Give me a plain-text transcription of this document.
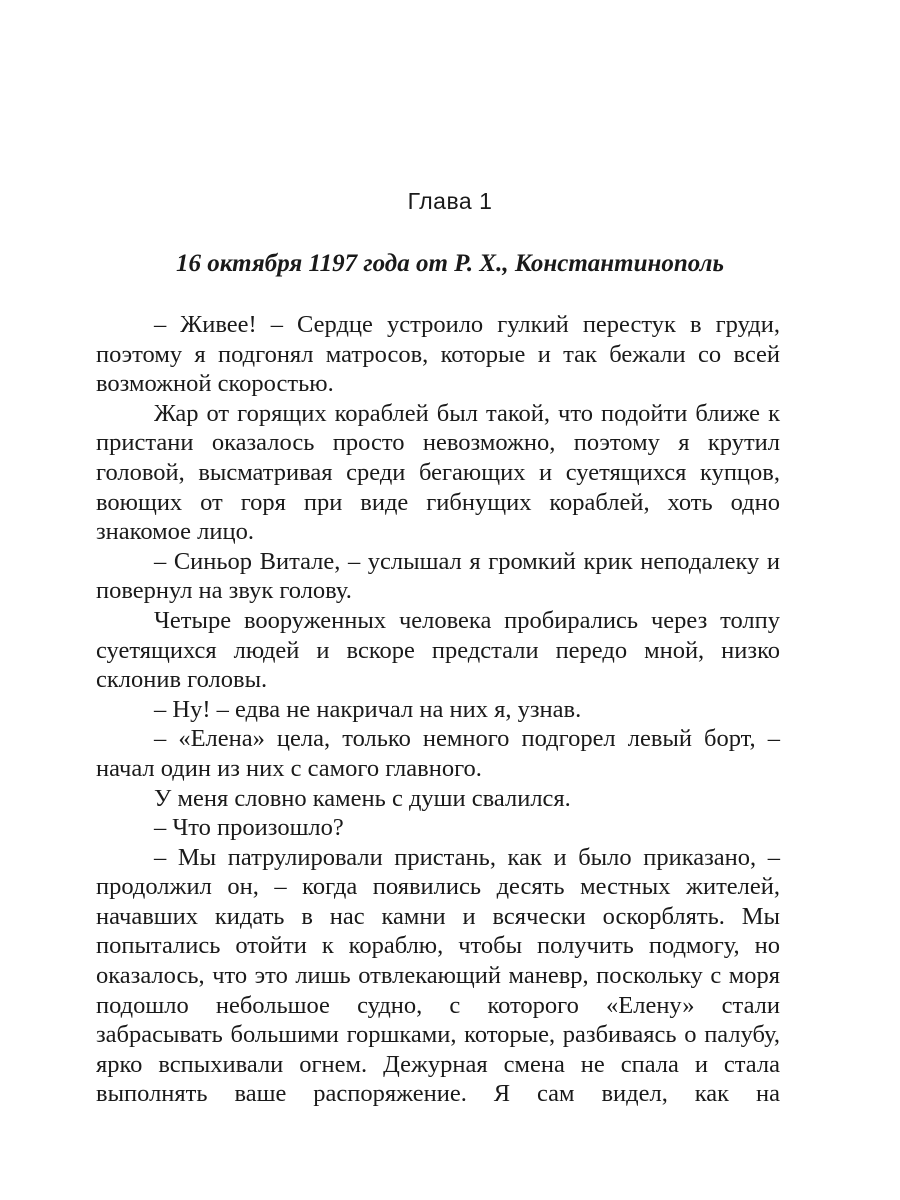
Глава 1
16 октября 1197 года от Р. Х., Константинополь

– Живее! – Сердце устроило гулкий перестук в груди, поэтому я подгонял матросов, которые и так бежали со всей возможной скоростью.

Жар от горящих кораблей был такой, что подойти ближе к пристани оказалось просто невозможно, поэтому я крутил головой, высматривая среди бегающих и суетящихся купцов, воющих от горя при виде гибнущих кораблей, хоть одно знакомое лицо.

– Синьор Витале, – услышал я громкий крик неподалеку и повернул на звук голову.

Четыре вооруженных человека пробирались через толпу суетящихся людей и вскоре предстали передо мной, низко склонив головы.

– Ну! – едва не накричал на них я, узнав.

– «Елена» цела, только немного подгорел левый борт, – начал один из них с самого главного.

У меня словно камень с души свалился.

– Что произошло?

– Мы патрулировали пристань, как и было приказано, – продолжил он, – когда появились десять местных жителей, начавших кидать в нас камни и всячески оскорблять. Мы попытались отойти к кораблю, чтобы получить подмогу, но оказалось, что это лишь отвлекающий маневр, поскольку с моря подошло небольшое судно, с которого «Елену» стали забрасывать большими горшками, которые, разбиваясь о палубу, ярко вспыхивали огнем. Дежурная смена не спала и стала выполнять ваше распоряжение. Я сам видел, как на
